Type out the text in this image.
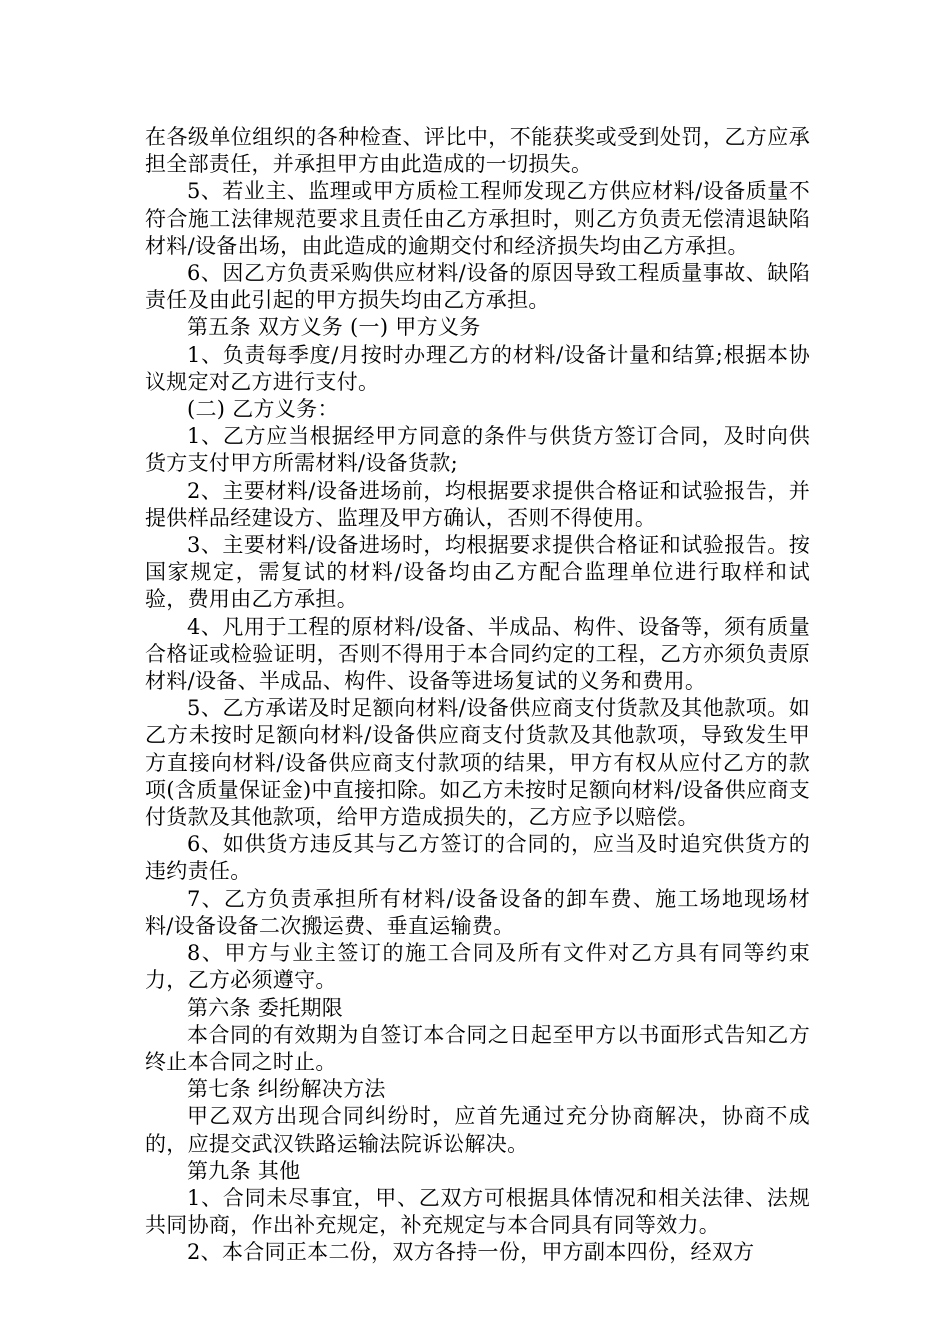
在各级单位组织的各种检查、评比中，不能获奖或受到处罚，乙方应承担全部责任，并承担甲方由此造成的一切损失。

5、若业主、监理或甲方质检工程师发现乙方供应材料/设备质量不符合施工法律规范要求且责任由乙方承担时，则乙方负责无偿清退缺陷材料/设备出场，由此造成的逾期交付和经济损失均由乙方承担。

6、因乙方负责采购供应材料/设备的原因导致工程质量事故、缺陷责任及由此引起的甲方损失均由乙方承担。

第五条 双方义务 (一) 甲方义务

1、负责每季度/月按时办理乙方的材料/设备计量和结算;根据本协议规定对乙方进行支付。

(二) 乙方义务：

1、乙方应当根据经甲方同意的条件与供货方签订合同，及时向供货方支付甲方所需材料/设备货款;

2、主要材料/设备进场前，均根据要求提供合格证和试验报告，并提供样品经建设方、监理及甲方确认，否则不得使用。

3、主要材料/设备进场时，均根据要求提供合格证和试验报告。按国家规定，需复试的材料/设备均由乙方配合监理单位进行取样和试验，费用由乙方承担。

4、凡用于工程的原材料/设备、半成品、构件、设备等，须有质量合格证或检验证明，否则不得用于本合同约定的工程，乙方亦须负责原材料/设备、半成品、构件、设备等进场复试的义务和费用。

5、乙方承诺及时足额向材料/设备供应商支付货款及其他款项。如乙方未按时足额向材料/设备供应商支付货款及其他款项，导致发生甲方直接向材料/设备供应商支付款项的结果，甲方有权从应付乙方的款项(含质量保证金)中直接扣除。如乙方未按时足额向材料/设备供应商支付货款及其他款项，给甲方造成损失的，乙方应予以赔偿。

6、如供货方违反其与乙方签订的合同的，应当及时追究供货方的违约责任。

7、乙方负责承担所有材料/设备设备的卸车费、施工场地现场材料/设备设备二次搬运费、垂直运输费。

8、甲方与业主签订的施工合同及所有文件对乙方具有同等约束力，乙方必须遵守。

第六条 委托期限

本合同的有效期为自签订本合同之日起至甲方以书面形式告知乙方终止本合同之时止。

第七条 纠纷解决方法

甲乙双方出现合同纠纷时，应首先通过充分协商解决，协商不成的，应提交武汉铁路运输法院诉讼解决。

第九条 其他

1、合同未尽事宜，甲、乙双方可根据具体情况和相关法律、法规共同协商，作出补充规定，补充规定与本合同具有同等效力。

2、本合同正本二份，双方各持一份，甲方副本四份，经双方
